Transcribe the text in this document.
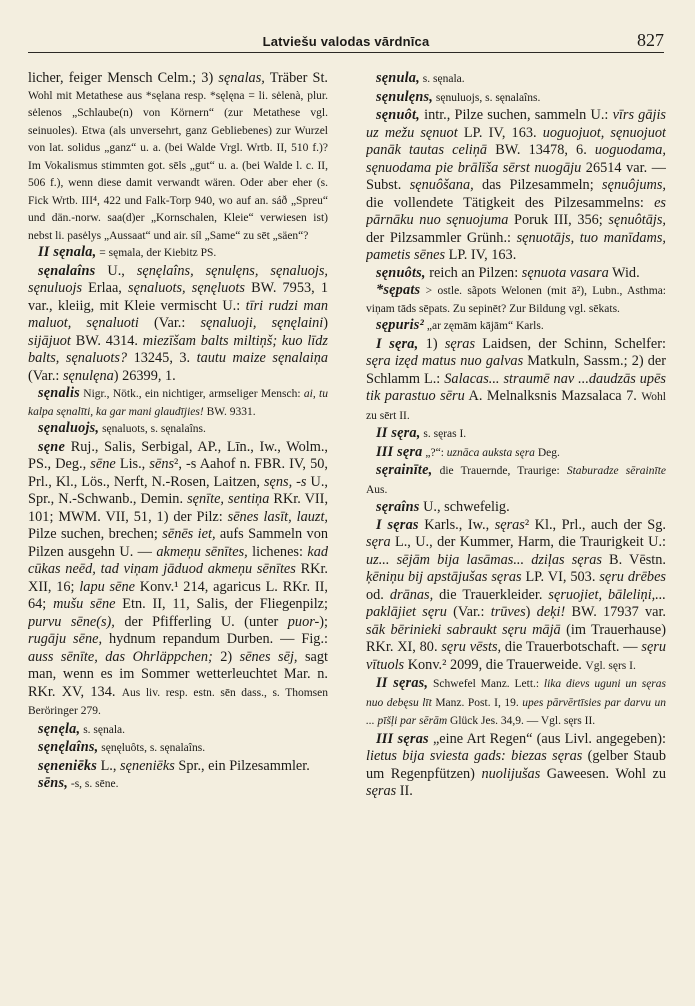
Latviešu valodas vārdnīca	827

licher, feiger Mensch Celm.; 3) sęnalas, Träber St. Wohl mit Metathese aus *sęlana resp. *sęlęna = li. sėlenà, plur. sėlenos „Schlaube(n) von Körnern“ (zur Metathese vgl. seinuoles). Etwa (als unversehrt, ganz Gebliebenes) zur Wurzel von lat. solidus „ganz“ u. a. (bei Walde Vrgl. Wrtb. II, 510 f.)? Im Vokalismus stimmten got. sēls „gut“ u. a. (bei Walde l. c. II, 506 f.), wenn diese damit verwandt wären. Oder aber eher (s. Fick Wrtb. III⁴, 422 und Falk-Torp 940, wo auf an. sáð „Spreu“ und dän.-norw. saa(d)er „Kornschalen, Kleie“ verwiesen ist) nebst li. pasėlys „Aussaat“ und air. síl „Same“ zu sēt „säen“?

II sęnala, = sęmala, der Kiebitz PS.

sęnalaîns U., sęnęlaîns, sęnulęns, sęnaluojs, sęnuluojs Erlaa, sęnaluots, sęnęluots BW. 7953, 1 var., kleiig, mit Kleie vermischt U.: tīri rudzi man maluot, sęnaluoti (Var.: sęnaluoji, sęnęlaini) sijājuot BW. 4314. miezīšam balts miltiņš; kuo līdz balts, sęnaluots? 13245, 3. tautu maize sęnalaiņa (Var.: sęnulęna) 26399, 1.

sęnalis Nigr., Nötk., ein nichtiger, armseliger Mensch: ai, tu kalpa sęnalīti, ka gar mani glaudījies! BW. 9331.

sęnaluojs, sęnaluots, s. sęnalaîns.

sęne Ruj., Salis, Serbigal, AP., Līn., Iw., Wolm., PS., Deg., sēne Lis., sēns², -s Aahof n. FBR. IV, 50, Prl., Kl., Lös., Nerft, N.-Rosen, Laitzen, sęns, -s U., Spr., N.-Schwanb., Demin. sęnīte, sentiņa RKr. VII, 101; MWM. VII, 51, 1) der Pilz: sēnes lasīt, lauzt, Pilze suchen, brechen; sēnēs iet, aufs Sammeln von Pilzen ausgehn U. — akmeņu sēnītes, lichenes: kad cūkas neēd, tad viņam jāduod akmeņu sēnītes RKr. XII, 16; lapu sēne Konv.¹ 214, agaricus L. RKr. II, 64; mušu sēne Etn. II, 11, Salis, der Fliegenpilz; purvu sēne(s), der Pfifferling U. (unter puor-); rugāju sēne, hydnum repandum Durben. — Fig.: auss sēnīte, das Ohrläppchen; 2) sēnes sēj, sagt man, wenn es im Sommer wetterleuchtet Mar. n. RKr. XV, 134. Aus liv. resp. estn. sēn dass., s. Thomsen Beröringer 279.

sęnęla, s. sęnala.

sęnęlaîns, sęnęluôts, s. sęnalaîns.

sęneniēks L., sęneniēks Spr., ein Pilzesammler.

sēns, -s, s. sēne.

sęnula, s. sęnala.

sęnulęns, sęnuluojs, s. sęnalaîns.

sęnuôt, intr., Pilze suchen, sammeln U.: vīrs gājis uz mežu sęnuot LP. IV, 163. uoguojuot, sęnuojuot panāk tautas celiņā BW. 13478, 6. uoguodama, sęnuodama pie brālīša sērst nuogāju 26514 var. — Subst. sęnuôšana, das Pilzesammeln; sęnuôjums, die vollendete Tätigkeit des Pilzesammelns: es pārnāku nuo sęnuojuma Poruk III, 356; sęnuôtājs, der Pilzsammler Grünh.: sęnuotājs, tuo manīdams, pametis sēnes LP. IV, 163.

sęnuôts, reich an Pilzen: sęnuota vasara Wid.

*sępats > ostle. sãpots Welonen (mit ā²), Lubn., Asthma: viņam tāds sēpats. Zu sepinēt? Zur Bildung vgl. sēkats.

sępuris² „ar zęmām kājām“ Karls.

I sęra, 1) sęras Laidsen, der Schinn, Schelfer: sęra izęd matus nuo galvas Matkuln, Sassm.; 2) der Schlamm L.: Salacas... straumē nav ...daudzās upēs tik parastuo sēru A. Melnalksnis Mazsalaca 7. Wohl zu sērt II.

II sęra, s. sęras I.

III sęra „?“: uznāca auksta sęra Deg.

sęrainīte, die Trauernde, Traurige: Staburadze sērainīte Aus.

sęraîns U., schwefelig.

I sęras Karls., Iw., sęras² Kl., Prl., auch der Sg. sęra L., U., der Kummer, Harm, die Traurigkeit U.: uz... sējām bija lasāmas... dziļas sęras B. Vēstn. ķēniņu bij apstājušas sęras LP. VI, 503. sęru drēbes od. drānas, die Trauerkleider. sęruojiet, bāleliņi,... paklājiet sęru (Var.: trūves) deķi! BW. 17937 var. sāk bērinieki sabraukt sęru mājā (im Trauerhause) RKr. XI, 80. sęru vēsts, die Trauerbotschaft. — sęru vītuols Konv.² 2099, die Trauerweide. Vgl. sęrs I.

II sęras, Schwefel Manz. Lett.: lika dievs uguni un sęras nuo debęsu līt Manz. Post. I, 19. upes pārvērtīsies par darvu un ... pīšļi par sērām Glück Jes. 34,9. — Vgl. sęrs II.

III sęras „eine Art Regen“ (aus Livl. angegeben): lietus bija sviesta gads: biezas sęras (gelber Staub um Regenpfützen) nuolijušas Gaweesen. Wohl zu sęras II.
